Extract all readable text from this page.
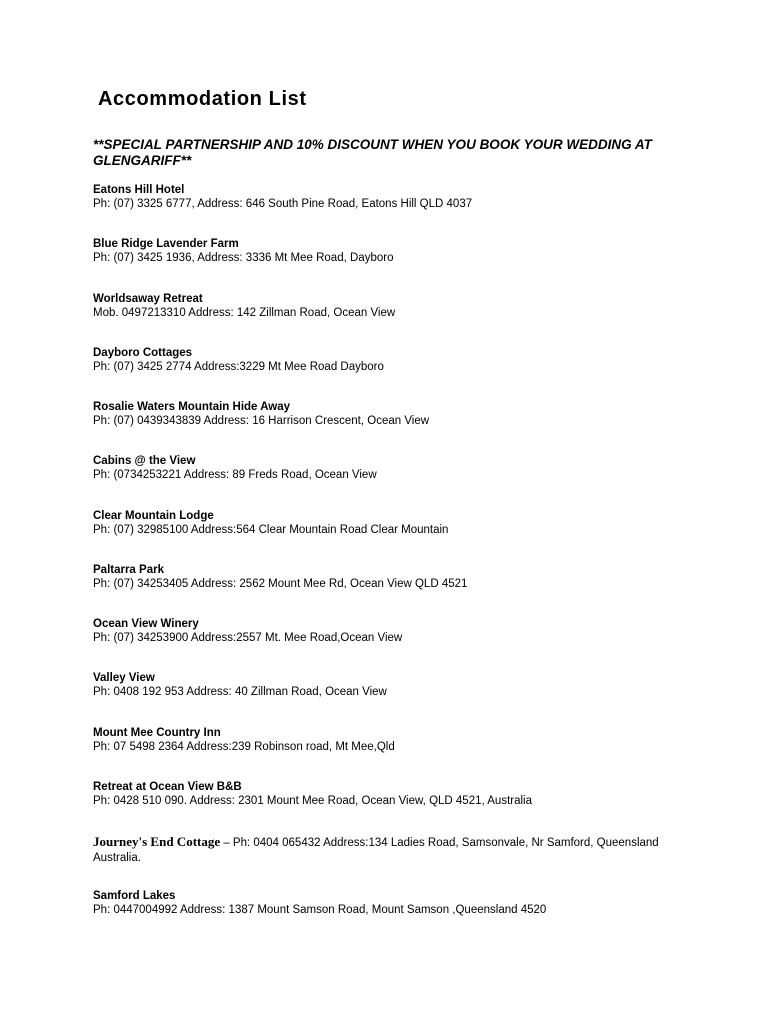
Accommodation List
**SPECIAL PARTNERSHIP AND 10% DISCOUNT WHEN YOU BOOK YOUR WEDDING AT GLENGARIFF**
Eatons Hill Hotel
Ph: (07) 3325 6777, Address: 646 South Pine Road, Eatons Hill QLD 4037
Blue Ridge Lavender Farm
Ph: (07) 3425 1936, Address: 3336 Mt Mee Road, Dayboro
Worldsaway Retreat
Mob. 0497213310 Address: 142 Zillman Road, Ocean View
Dayboro Cottages
Ph: (07) 3425 2774 Address:3229 Mt Mee Road Dayboro
Rosalie Waters Mountain Hide Away
Ph: (07) 0439343839 Address: 16 Harrison Crescent, Ocean View
Cabins @ the View
Ph: (0734253221 Address: 89 Freds Road, Ocean View
Clear Mountain Lodge
Ph: (07) 32985100 Address:564 Clear Mountain Road Clear Mountain
Paltarra Park
Ph: (07) 34253405 Address: 2562 Mount Mee Rd, Ocean View QLD 4521
Ocean View Winery
Ph: (07) 34253900 Address:2557 Mt. Mee Road,Ocean View
Valley View
Ph: 0408 192 953 Address: 40 Zillman Road, Ocean View
Mount Mee Country Inn
Ph: 07 5498 2364 Address:239 Robinson road, Mt Mee,Qld
Retreat at Ocean View B&B
Ph: 0428 510 090. Address: 2301 Mount Mee Road, Ocean View, QLD 4521, Australia
Journey's End Cottage – Ph: 0404 065432 Address:134 Ladies Road, Samsonvale, Nr Samford, Queensland Australia.
Samford Lakes
Ph: 0447004992 Address: 1387 Mount Samson Road, Mount Samson ,Queensland 4520
